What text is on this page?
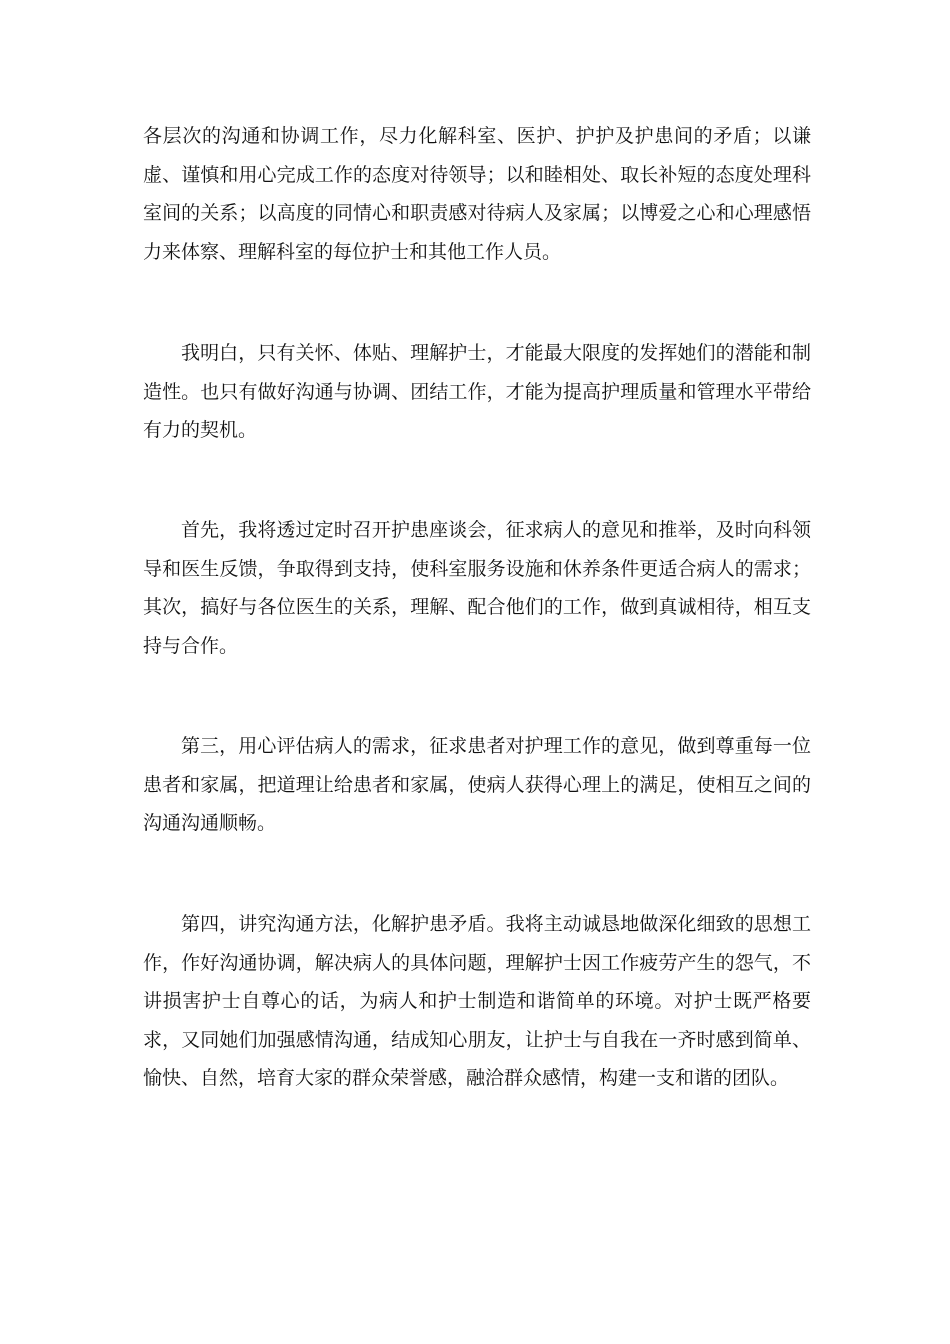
各层次的沟通和协调工作，尽力化解科室、医护、护护及护患间的矛盾；以谦虚、谨慎和用心完成工作的态度对待领导；以和睦相处、取长补短的态度处理科室间的关系；以高度的同情心和职责感对待病人及家属；以博爱之心和心理感悟力来体察、理解科室的每位护士和其他工作人员。

我明白，只有关怀、体贴、理解护士，才能最大限度的发挥她们的潜能和制造性。也只有做好沟通与协调、团结工作，才能为提高护理质量和管理水平带给有力的契机。

首先，我将透过定时召开护患座谈会，征求病人的意见和推举，及时向科领导和医生反馈，争取得到支持，使科室服务设施和休养条件更适合病人的需求；其次，搞好与各位医生的关系，理解、配合他们的工作，做到真诚相待，相互支持与合作。

第三，用心评估病人的需求，征求患者对护理工作的意见，做到尊重每一位患者和家属，把道理让给患者和家属，使病人获得心理上的满足，使相互之间的沟通沟通顺畅。

第四，讲究沟通方法，化解护患矛盾。我将主动诚恳地做深化细致的思想工作，作好沟通协调，解决病人的具体问题，理解护士因工作疲劳产生的怨气，不讲损害护士自尊心的话，为病人和护士制造和谐简单的环境。对护士既严格要求，又同她们加强感情沟通，结成知心朋友，让护士与自我在一齐时感到简单、愉快、自然，培育大家的群众荣誉感，融洽群众感情，构建一支和谐的团队。
